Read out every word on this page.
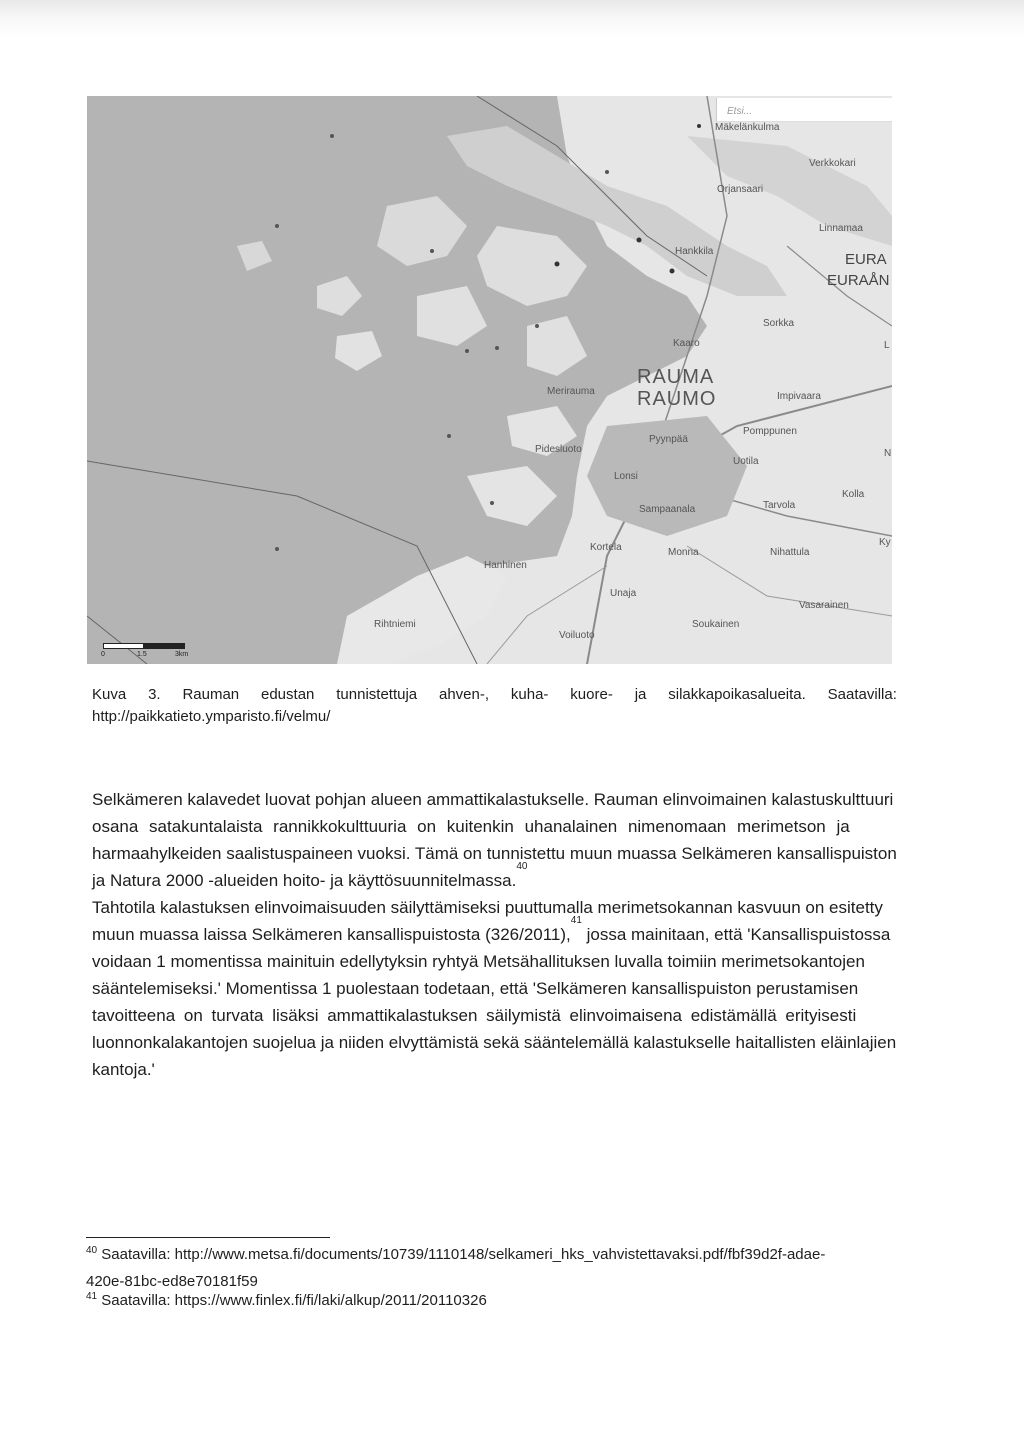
Etsi...
Mäkelänkulma
Verkkokari
Orjansaari
Linnamaa
EURA
EURAÅN
Hankkila
Sorkka
Kaaro
RAUMA
RAUMO
Merirauma	Impivaara
Pomppunen
Pyynpää
Pidesluoto
Uotila
Lonsi
Kolla
Tarvola
Sampaanala
Kortela	Monna	Nihattula
Hanhinen
Unaja
Vasarainen
Rihtniemi	Soukainen
Voiluoto
L
N
Ky
0	1.5	3km
Kuva 3. Rauman edustan tunnistettuja ahven-, kuha- kuore- ja silakkapoikasalueita. Saatavilla:
http://paikkatieto.ymparisto.fi/velmu/
Selkämeren kalavedet luovat pohjan alueen ammattikalastukselle. Rauman elinvoimainen kalastuskulttuuri
osana satakuntalaista rannikkokulttuuria on kuitenkin uhanalainen nimenomaan merimetson ja
harmaahylkeiden saalistuspaineen vuoksi. Tämä on tunnistettu muun muassa Selkämeren kansallispuiston
ja Natura 2000 -alueiden hoito- ja käyttösuunnitelmassa.
40
Tahtotila kalastuksen elinvoimaisuuden säilyttämiseksi puuttumalla merimetsokannan kasvuun on esitetty
muun muassa laissa Selkämeren kansallispuistosta (326/2011),
41
jossa mainitaan, että 'Kansallispuistossa
voidaan 1 momentissa mainituin edellytyksin ryhtyä Metsähallituksen luvalla toimiin merimetsokantojen
sääntelemiseksi.' Momentissa 1 puolestaan todetaan, että 'Selkämeren kansallispuiston perustamisen
tavoitteena on turvata lisäksi ammattikalastuksen säilymistä elinvoimaisena edistämällä erityisesti
luonnonkalakantojen suojelua ja niiden elvyttämistä sekä sääntelemällä kalastukselle haitallisten eläinlajien
kantoja.'
$^{40}$ Saatavilla: http://www.metsa.fi/documents/10739/1110148/selkameri_hks_vahvistettavaksi.pdf/fbf39d2f-adae-
420e-81bc-ed8e70181f59
$^{41}$ Saatavilla: https://www.finlex.fi/fi/laki/alkup/2011/20110326
